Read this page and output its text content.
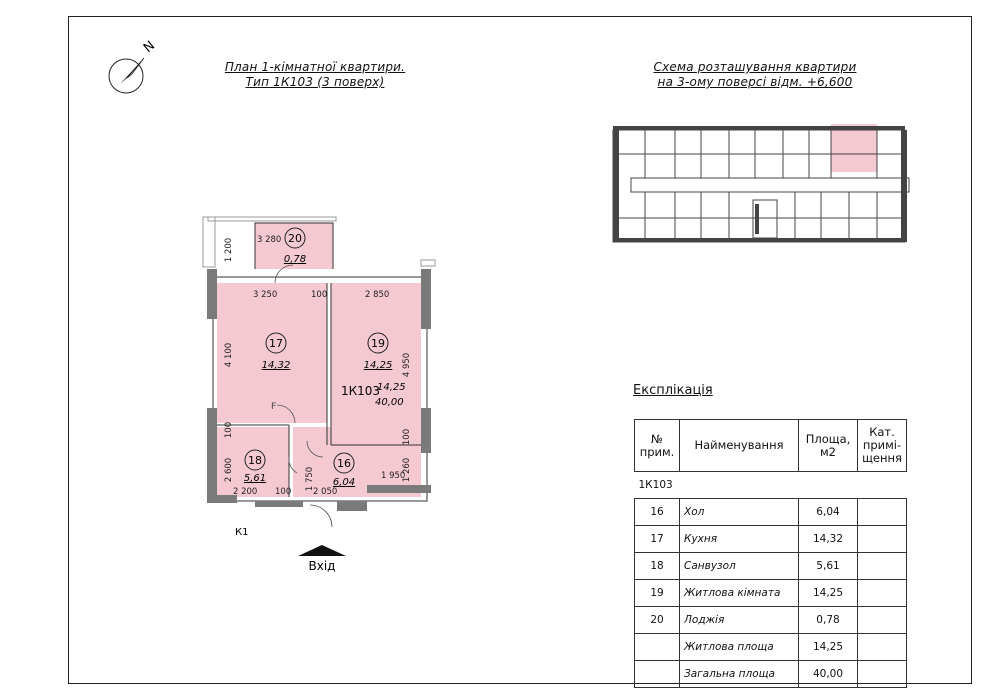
N
План 1-кімнатної квартири.
Тип 1К103 (3 поверх)
Схема розташування квартири
на 3-ому поверсі відм. +6,600
20
0,78
17
14,32
19
14,25
1К103
14,25
40,00
18
5,61
16
6,04
1 200	3 280
3 250	100	2 850
4 100	4 950
100	100
2 600	1 750	1 950
1 260
2 200 100	2 050
F
К1
Вхід
Експлікація
№ прим.	Найменування	Площа, м2	Кат. примі- щення
1К103			
16	Хол	6,04	
17	Кухня	14,32	
18	Санвузол	5,61	
19	Житлова кімната	14,25	
20	Лоджія	0,78	
	Житлова площа	14,25	
	Загальна площа	40,00	
